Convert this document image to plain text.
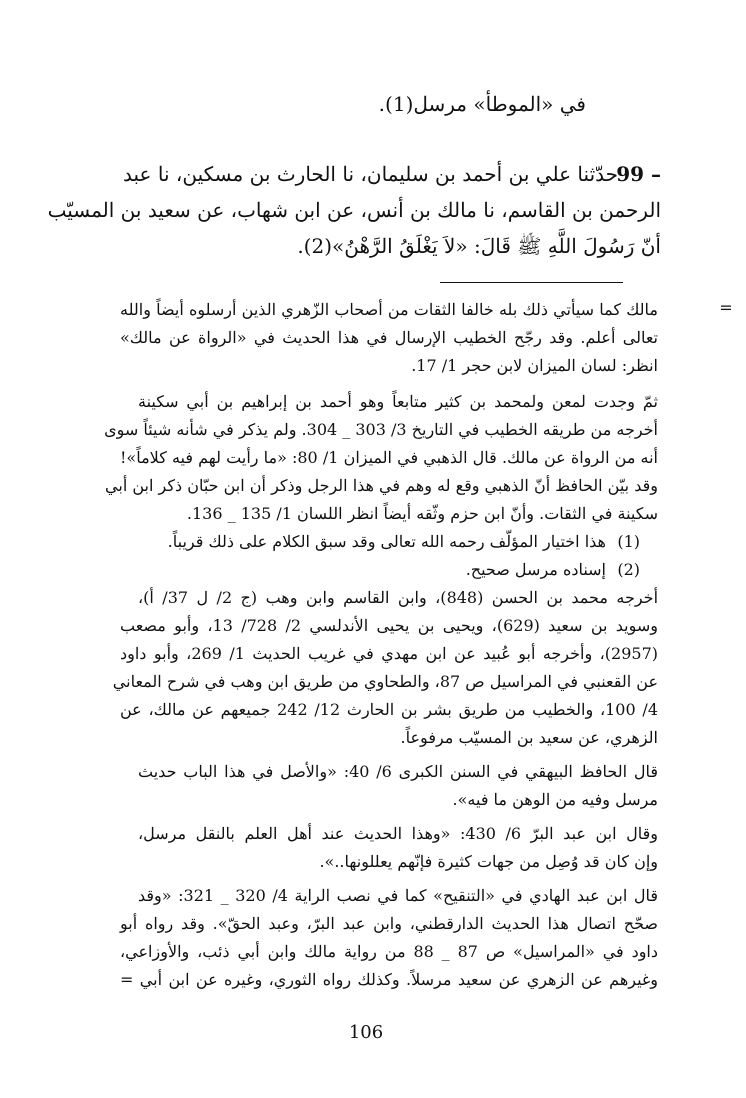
في «الموطأ» مرسل(1).
99 –
حدّثنا علي بن أحمد بن سليمان، نا الحارث بن مسكين، نا عبد
الرحمن بن القاسم، نا مالك بن أنس، عن ابن شهاب، عن سعيد بن المسيّب
أنّ رَسُولَ اللَّهِ ﷺ قَالَ: «لاَ يَغْلَقُ الرَّهْنُ»(2).
=
مالك كما سيأتي ذلك بله خالفا الثقات من أصحاب الزّهري الذين أرسلوه أيضاً والله
تعالى أعلم. وقد رجّح الخطيب الإرسال في هذا الحديث في «الرواة عن مالك»
انظر: لسان الميزان لابن حجر 1/ 17.
ثمّ وجدت لمعن ولمحمد بن كثير متابعاً وهو أحمد بن إبراهيم بن أبي سكينة
أخرجه من طريقه الخطيب في التاريخ 3/ 303 _ 304. ولم يذكر في شأنه شيئاً سوى
أنه من الرواة عن مالك. قال الذهبي في الميزان 1/ 80: «ما رأيت لهم فيه كلاماً»!
وقد بيّن الحافظ أنّ الذهبي وقع له وهم في هذا الرجل وذكر أن ابن حبّان ذكر ابن أبي
سكينة في الثقات. وأنّ ابن حزم وثّقه أيضاً انظر اللسان 1/ 135 _ 136.
(1)
هذا اختيار المؤلّف رحمه الله تعالى وقد سبق الكلام على ذلك قريباً.
(2)
إسناده مرسل صحيح.
أخرجه محمد بن الحسن (848)، وابن القاسم وابن وهب (ج 2/ ل 37/ أ)،
وسويد بن سعيد (629)، ويحيى بن يحيى الأندلسي 2/ 728/ 13، وأبو مصعب
(2957)، وأخرجه أبو عُبيد عن ابن مهدي في غريب الحديث 1/ 269، وأبو داود
عن القعنبي في المراسيل ص 87، والطحاوي من طريق ابن وهب في شرح المعاني
4/ 100، والخطيب من طريق بشر بن الحارث 12/ 242 جميعهم عن مالك، عن
الزهري، عن سعيد بن المسيّب مرفوعاً.
قال الحافظ البيهقي في السنن الكبرى 6/ 40: «والأصل في هذا الباب حديث
مرسل وفيه من الوهن ما فيه».
وقال ابن عبد البرّ 6/ 430: «وهذا الحديث عند أهل العلم بالنقل مرسل،
وإن كان قد وُصِل من جهات كثيرة فإنّهم يعللونها..».
قال ابن عبد الهادي في «التنقيح» كما في نصب الراية 4/ 320 _ 321: «وقد
صحّح اتصال هذا الحديث الدارقطني، وابن عبد البرّ، وعبد الحقّ». وقد رواه أبو
داود في «المراسيل» ص 87 _ 88 من رواية مالك وابن أبي ذئب، والأوزاعي،
وغيرهم عن الزهري عن سعيد مرسلاً. وكذلك رواه الثوري، وغيره عن ابن أبي =
106
